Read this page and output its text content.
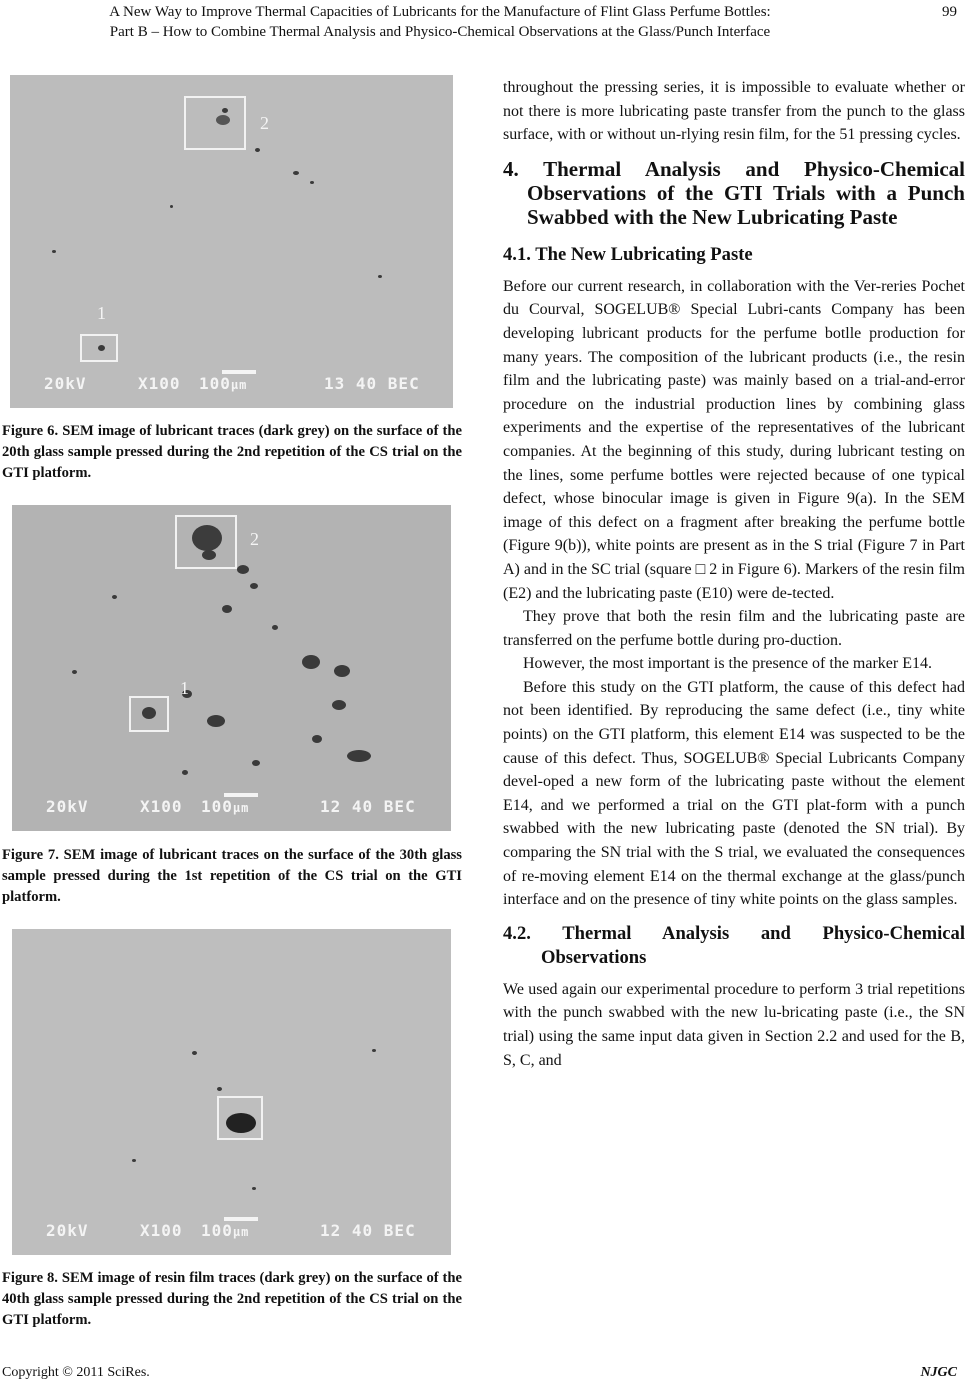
A New Way to Improve Thermal Capacities of Lubricants for the Manufacture of Flint Glass Perfume Bottles:
Part B – How to Combine Thermal Analysis and Physico-Chemical Observations at the Glass/Punch Interface
99
2
1
20kV	X100 100μm	13 40 BEC
Figure 6. SEM image of lubricant traces (dark grey) on the surface of the 20th glass sample pressed during the 2nd repetition of the CS trial on the GTI platform.
2
1
20kV	X100 100μm	12 40 BEC
Figure 7. SEM image of lubricant traces on the surface of the 30th glass sample pressed during the 1st repetition of the CS trial on the GTI platform.
20kV	X100 100μm	12 40 BEC
Figure 8. SEM image of resin film traces (dark grey) on the surface of the 40th glass sample pressed during the 2nd repetition of the CS trial on the GTI platform.

throughout the pressing series, it is impossible to evaluate whether or not there is more lubricating paste transfer from the punch to the glass surface, with or without un-rlying resin film, for the 51 pressing cycles.

4. Thermal Analysis and Physico-Chemical Observations of the GTI Trials with a Punch Swabbed with the New Lubricating Paste

4.1. The New Lubricating Paste

Before our current research, in collaboration with the Ver-reries Pochet du Courval, SOGELUB® Special Lubri-cants Company has been developing lubricant products for the perfume botlle production for many years. The composition of the lubricant products (i.e., the resin film and the lubricating paste) was mainly based on a trial-and-error procedure on the industrial production lines by combining glass experiments and the expertise of the representatives of the lubricant companies. At the beginning of this study, during lubricant testing on the lines, some perfume bottles were rejected because of one typical defect, whose binocular image is given in Figure 9(a). In the SEM image of this defect on a fragment after breaking the perfume bottle (Figure 9(b)), white points are present as in the S trial (Figure 7 in Part A) and in the SC trial (square □ 2 in Figure 6). Markers of the resin film (E2) and the lubricating paste (E10) were de-tected.

They prove that both the resin film and the lubricating paste are transferred on the perfume bottle during pro-duction.

However, the most important is the presence of the marker E14.

Before this study on the GTI platform, the cause of this defect had not been identified. By reproducing the same defect (i.e., tiny white points) on the GTI platform, this element E14 was suspected to be the cause of this defect. Thus, SOGELUB® Special Lubricants Company devel-oped a new form of the lubricating paste without the element E14, and we performed a trial on the GTI plat-form with a punch swabbed with the new lubricating paste (denoted the SN trial). By comparing the SN trial with the S trial, we evaluated the consequences of re-moving element E14 on the thermal exchange at the glass/punch interface and on the presence of tiny white points on the glass samples.

4.2. Thermal Analysis and Physico-Chemical Observations

We used again our experimental procedure to perform 3 trial repetitions with the punch swabbed with the new lu-bricating paste (i.e., the SN trial) using the same input data given in Section 2.2 and used for the B, S, C, and

Copyright © 2011 SciRes.	NJGC
